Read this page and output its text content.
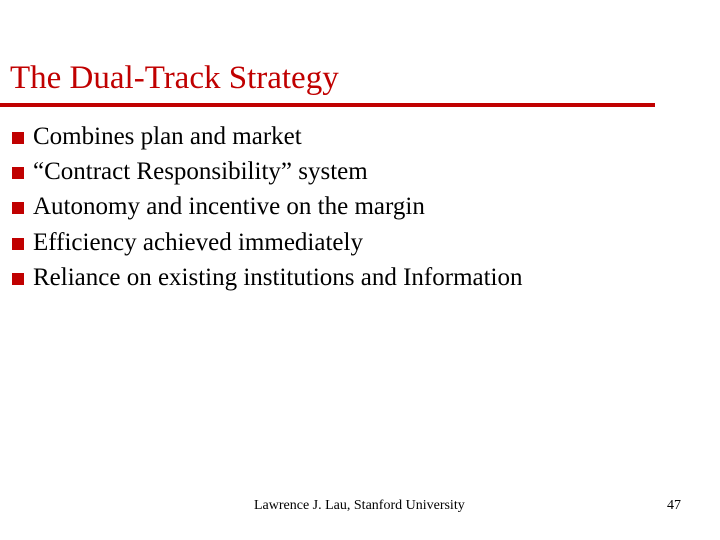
The Dual-Track Strategy
Combines plan and market
“Contract Responsibility” system
Autonomy and incentive on the margin
Efficiency achieved immediately
Reliance on existing institutions and Information
Lawrence J. Lau, Stanford University	47
